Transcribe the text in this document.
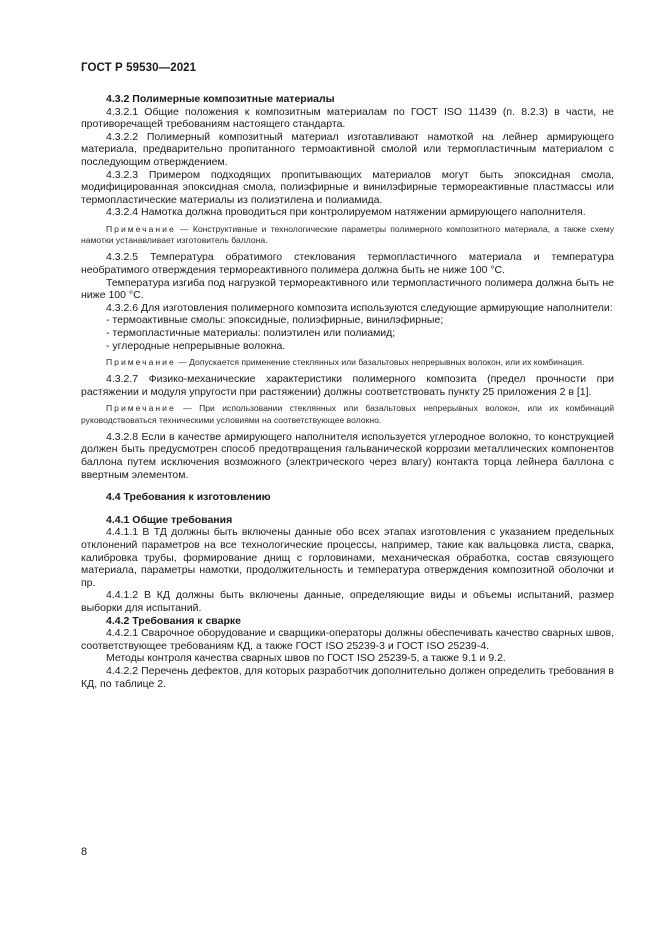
ГОСТ Р 59530—2021

4.3.2 Полимерные композитные материалы

4.3.2.1 Общие положения к композитным материалам по ГОСТ ISO 11439 (п. 8.2.3) в части, не противоречащей требованиям настоящего стандарта.

4.3.2.2 Полимерный композитный материал изготавливают намоткой на лейнер армирующего материала, предварительно пропитанного термоактивной смолой или термопластичным материалом с последующим отверждением.

4.3.2.3 Примером подходящих пропитывающих материалов могут быть эпоксидная смола, модифицированная эпоксидная смола, полиэфирные и винилэфирные термореактивные пластмассы или термопластические материалы из полиэтилена и полиамида.

4.3.2.4 Намотка должна проводиться при контролируемом натяжении армирующего наполнителя.

Примечание — Конструктивные и технологические параметры полимерного композитного материала, а также схему намотки устанавливает изготовитель баллона.

4.3.2.5 Температура обратимого стеклования термопластичного материала и температура необратимого отверждения термореактивного полимера должна быть не ниже 100 °С.

Температура изгиба под нагрузкой термореактивного или термопластичного полимера должна быть не ниже 100 °С.

4.3.2.6 Для изготовления полимерного композита используются следующие армирующие наполнители:

- термоактивные смолы: эпоксидные, полиэфирные, винилэфирные;

- термопластичные материалы: полиэтилен или полиамид;

- углеродные непрерывные волокна.

Примечание — Допускается применение стеклянных или базальтовых непрерывных волокон, или их комбинация.

4.3.2.7 Физико-механические характеристики полимерного композита (предел прочности при растяжении и модуля упругости при растяжении) должны соответствовать пункту 25 приложения 2 в [1].

Примечание — При использовании стеклянных или базальтовых непрерывных волокон, или их комбинаций руководствоваться техническими условиями на соответствующее волокно.

4.3.2.8 Если в качестве армирующего наполнителя используется углеродное волокно, то конструкцией должен быть предусмотрен способ предотвращения гальванической коррозии металлических компонентов баллона путем исключения возможного (электрического через влагу) контакта торца лейнера баллона с ввертным элементом.

4.4 Требования к изготовлению

4.4.1 Общие требования

4.4.1.1 В ТД должны быть включены данные обо всех этапах изготовления с указанием предельных отклонений параметров на все технологические процессы, например, такие как вальцовка листа, сварка, калибровка трубы, формирование днищ с горловинами, механическая обработка, состав связующего материала, параметры намотки, продолжительность и температура отверждения композитной оболочки и пр.

4.4.1.2 В КД должны быть включены данные, определяющие виды и объемы испытаний, размер выборки для испытаний.

4.4.2 Требования к сварке

4.4.2.1 Сварочное оборудование и сварщики-операторы должны обеспечивать качество сварных швов, соответствующее требованиям КД, а также ГОСТ ISO 25239-3 и ГОСТ ISO 25239-4.

Методы контроля качества сварных швов по ГОСТ ISO 25239-5, а также 9.1 и 9.2.

4.4.2.2 Перечень дефектов, для которых разработчик дополнительно должен определить требования в КД, по таблице 2.

8
